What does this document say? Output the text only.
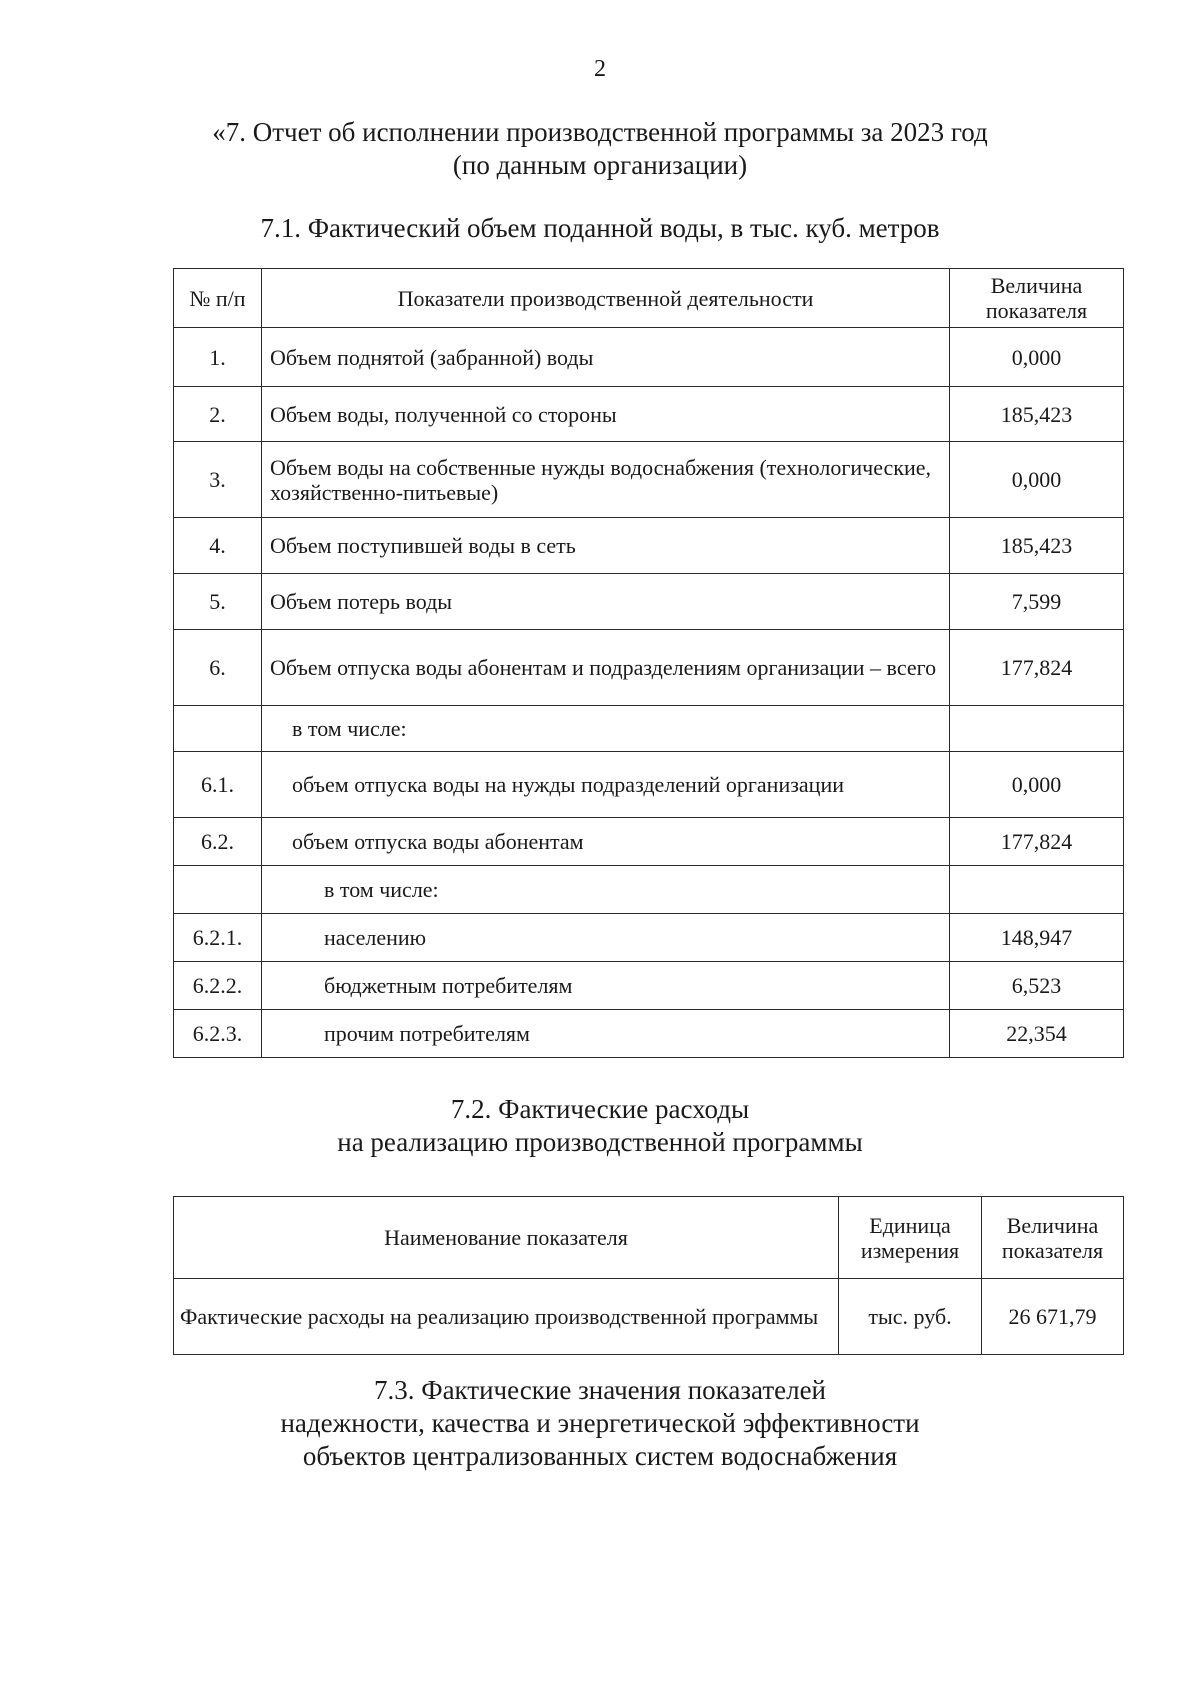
2
«7. Отчет об исполнении производственной программы за 2023 год
(по данным организации)
7.1. Фактический объем поданной воды, в тыс. куб. метров
№ п/п	Показатели производственной деятельности	Величина показателя
1.	Объем поднятой (забранной) воды	0,000
2.	Объем воды, полученной со стороны	185,423
3.	Объем воды на собственные нужды водоснабжения (технологические, хозяйственно-питьевые)	0,000
4.	Объем поступившей воды в сеть	185,423
5.	Объем потерь воды	7,599
6.	Объем отпуска воды абонентам и подразделениям организации – всего	177,824
	в том числе:	
6.1.	объем отпуска воды на нужды подразделений организации	0,000
6.2.	объем отпуска воды абонентам	177,824
	в том числе:	
6.2.1.	населению	148,947
6.2.2.	бюджетным потребителям	6,523
6.2.3.	прочим потребителям	22,354
7.2. Фактические расходы
на реализацию производственной программы
Наименование показателя	Единица измерения	Величина показателя
Фактические расходы на реализацию производственной программы	тыс. руб.	26 671,79
7.3. Фактические значения показателей
надежности, качества и энергетической эффективности
объектов централизованных систем водоснабжения
